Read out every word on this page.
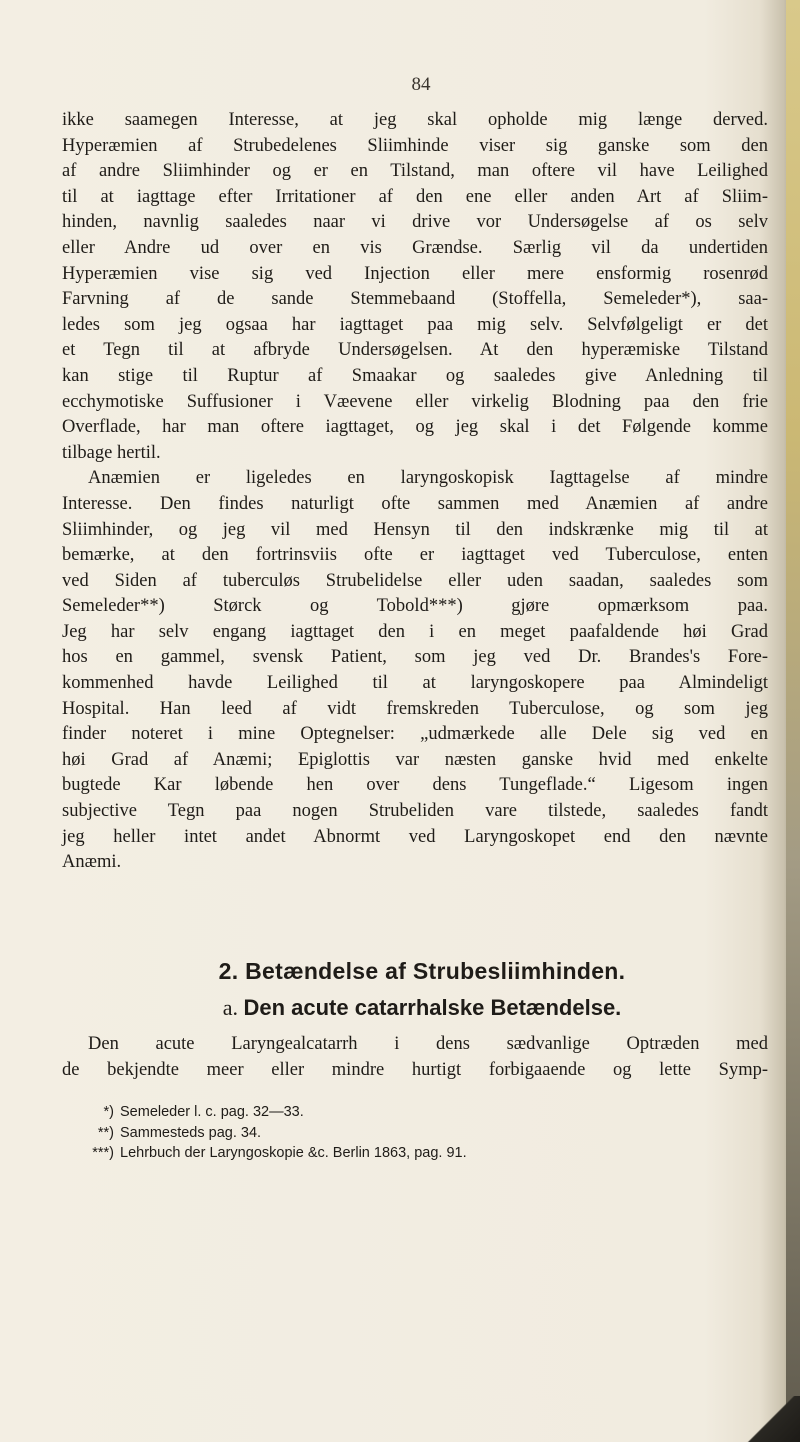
84
ikke saamegen Interesse, at jeg skal opholde mig længe derved.
Hyperæmien af Strubedelenes Sliimhinde viser sig ganske som den
af andre Sliimhinder og er en Tilstand, man oftere vil have Leilighed
til at iagttage efter Irritationer af den ene eller anden Art af Sliim-
hinden, navnlig saaledes naar vi drive vor Undersøgelse af os selv
eller Andre ud over en vis Grændse. Særlig vil da undertiden
Hyperæmien vise sig ved Injection eller mere ensformig rosenrød
Farvning af de sande Stemmebaand (Stoffella, Semeleder*), saa-
ledes som jeg ogsaa har iagttaget paa mig selv. Selvfølgeligt er det
et Tegn til at afbryde Undersøgelsen. At den hyperæmiske Tilstand
kan stige til Ruptur af Smaakar og saaledes give Anledning til
ecchymotiske Suffusioner i Væevene eller virkelig Blodning paa den frie
Overflade, har man oftere iagttaget, og jeg skal i det Følgende komme
tilbage hertil.
Anæmien er ligeledes en laryngoskopisk Iagttagelse af mindre
Interesse. Den findes naturligt ofte sammen med Anæmien af andre
Sliimhinder, og jeg vil med Hensyn til den indskrænke mig til at
bemærke, at den fortrinsviis ofte er iagttaget ved Tuberculose, enten
ved Siden af tuberculøs Strubelidelse eller uden saadan, saaledes som
Semeleder**) Størck og Tobold***) gjøre opmærksom paa.
Jeg har selv engang iagttaget den i en meget paafaldende høi Grad
hos en gammel, svensk Patient, som jeg ved Dr. Brandes's Fore-
kommenhed havde Leilighed til at laryngoskopere paa Almindeligt
Hospital. Han leed af vidt fremskreden Tuberculose, og som jeg
finder noteret i mine Optegnelser: „udmærkede alle Dele sig ved en
høi Grad af Anæmi; Epiglottis var næsten ganske hvid med enkelte
bugtede Kar løbende hen over dens Tungeflade.“ Ligesom ingen
subjective Tegn paa nogen Strubeliden vare tilstede, saaledes fandt
jeg heller intet andet Abnormt ved Laryngoskopet end den nævnte
Anæmi.
2. Betændelse af Strubesliimhinden.
a. Den acute catarrhalske Betændelse.
Den acute Laryngealcatarrh i dens sædvanlige Optræden med
de bekjendte meer eller mindre hurtigt forbigaaende og lette Symp-
*) Semeleder l. c. pag. 32—33.
**) Sammesteds pag. 34.
***) Lehrbuch der Laryngoskopie &c. Berlin 1863, pag. 91.
